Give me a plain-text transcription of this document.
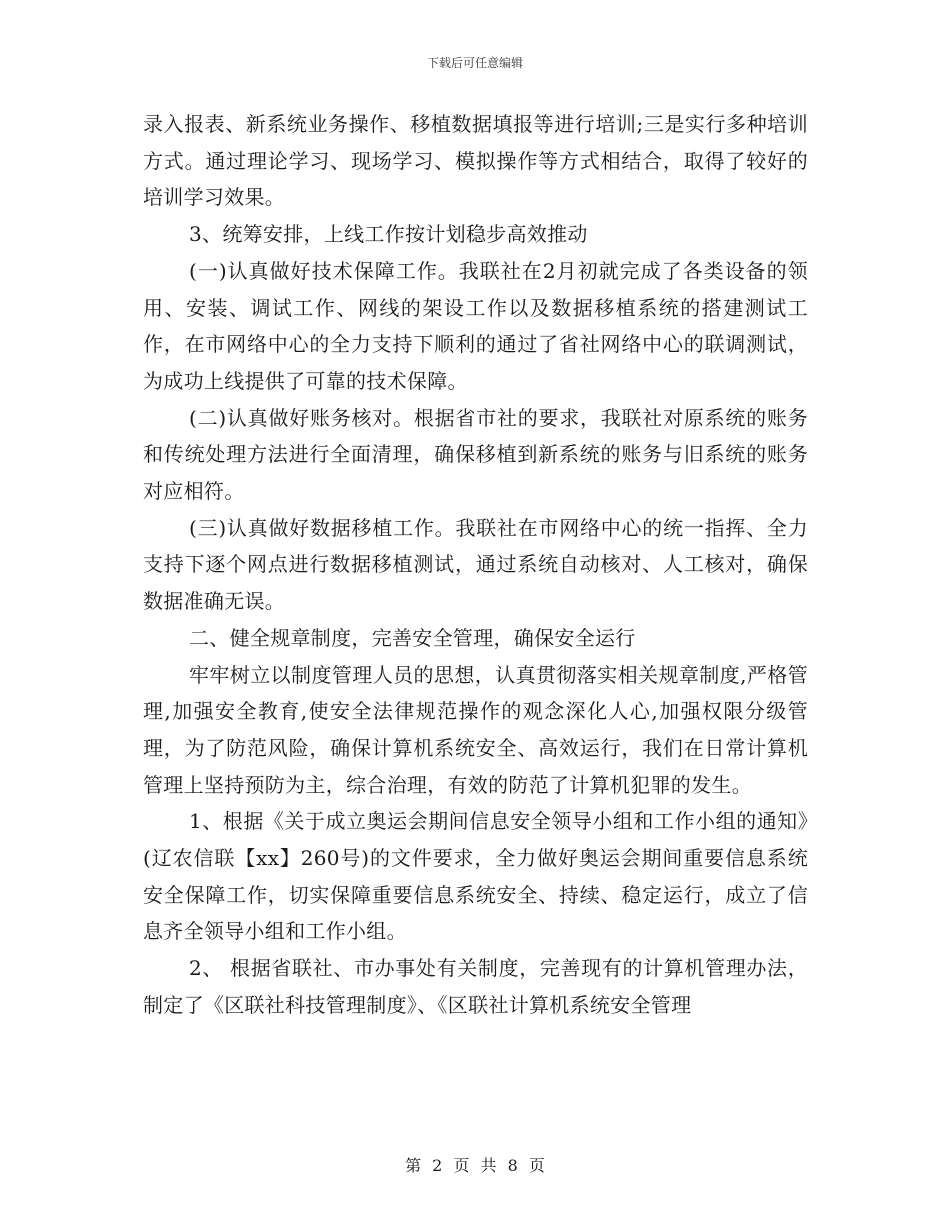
下载后可任意编辑

录入报表、新系统业务操作、移植数据填报等进行培训;三是实行多种培训方式。通过理论学习、现场学习、模拟操作等方式相结合，取得了较好的培训学习效果。

3、统筹安排，上线工作按计划稳步高效推动

(一)认真做好技术保障工作。我联社在2月初就完成了各类设备的领用、安装、调试工作、网线的架设工作以及数据移植系统的搭建测试工作，在市网络中心的全力支持下顺利的通过了省社网络中心的联调测试，为成功上线提供了可靠的技术保障。

(二)认真做好账务核对。根据省市社的要求，我联社对原系统的账务和传统处理方法进行全面清理，确保移植到新系统的账务与旧系统的账务对应相符。

(三)认真做好数据移植工作。我联社在市网络中心的统一指挥、全力支持下逐个网点进行数据移植测试，通过系统自动核对、人工核对，确保数据准确无误。

二、健全规章制度，完善安全管理，确保安全运行

牢牢树立以制度管理人员的思想，认真贯彻落实相关规章制度,严格管理,加强安全教育,使安全法律规范操作的观念深化人心,加强权限分级管理，为了防范风险，确保计算机系统安全、高效运行，我们在日常计算机管理上坚持预防为主，综合治理，有效的防范了计算机犯罪的发生。

1、根据《关于成立奥运会期间信息安全领导小组和工作小组的通知》(辽农信联【xx】260号)的文件要求，全力做好奥运会期间重要信息系统安全保障工作，切实保障重要信息系统安全、持续、稳定运行，成立了信息齐全领导小组和工作小组。

2、 根据省联社、市办事处有关制度，完善现有的计算机管理办法，制定了《区联社科技管理制度》、《区联社计算机系统安全管理

第 2 页 共 8 页
